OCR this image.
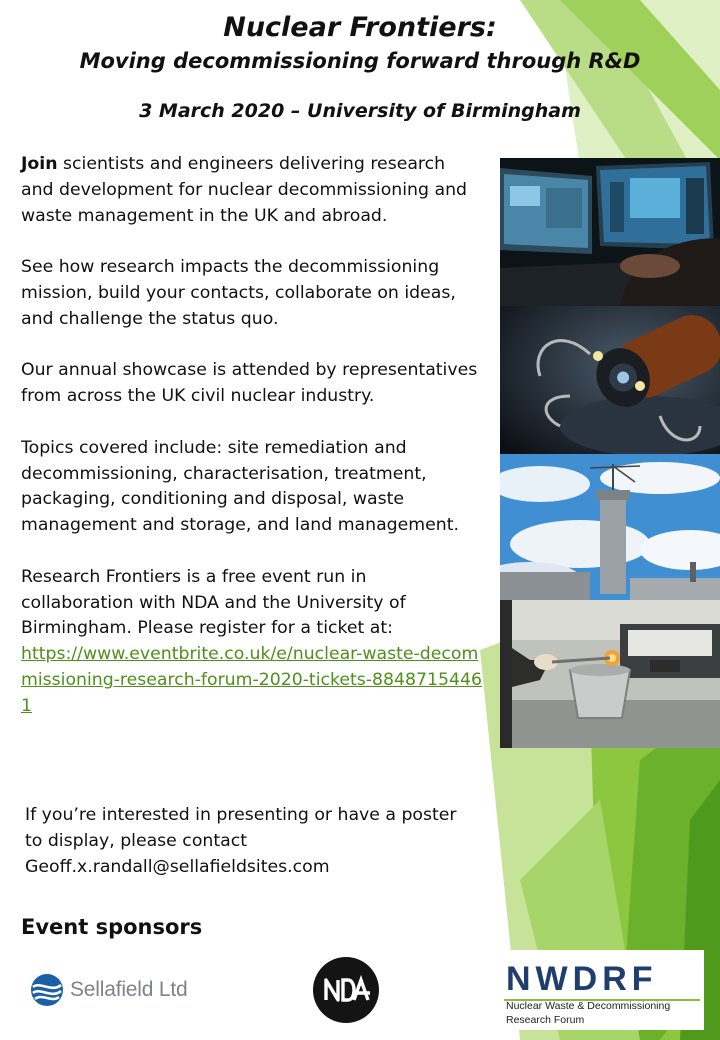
Nuclear Frontiers:
Moving decommissioning forward through R&D
3 March 2020 – University of Birmingham

Join scientists and engineers delivering research and development for nuclear decommissioning and waste management in the UK and abroad.

See how research impacts the decommissioning mission, build your contacts, collaborate on ideas, and challenge the status quo.

Our annual showcase is attended by representatives from across the UK civil nuclear industry.

Topics covered include: site remediation and decommissioning, characterisation, treatment, packaging, conditioning and disposal, waste management and storage, and land management.

Research Frontiers is a free event run in collaboration with NDA and the University of Birmingham. Please register for a ticket at:
https://www.eventbrite.co.uk/e/nuclear-waste-decommissioning-research-forum-2020-tickets-88487154461

If you’re interested in presenting or have a poster to display, please contact Geoff.x.randall@sellafieldsites.com
Event sponsors
Sellafield Ltd	NWDRF
Nuclear Waste & Decommissioning
Research Forum
